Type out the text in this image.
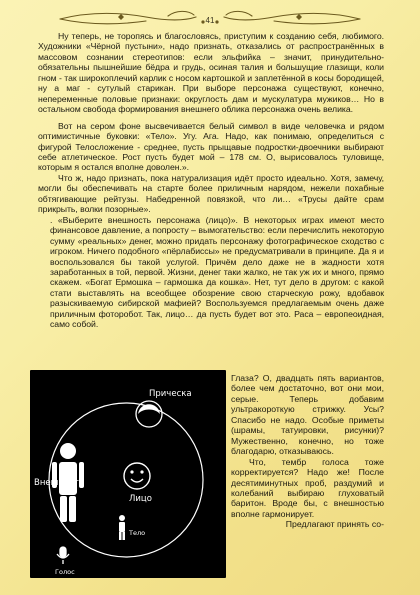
41

Ну теперь, не торопясь и благословясь, приступим к созданию себя, любимого. Художники «Чёрной пустыни», надо признать, отказались от распространённых в массовом сознании стереотипов: если эльфийка – значит, принудительно-обязательны пышнейшие бёдра и грудь, осиная талия и большущие глазищи, коли гном - так широкоплечий карлик с носом картошкой и заплетённой в косы бородищей, ну а маг - сутулый старикан. При выборе персонажа существуют, конечно, непеременные половые признаки: округлость дам и мускулатура мужиков… Но в остальном свобода формирования внешнего облика персонажа очень велика.

Вот на сером фоне высвечивается белый символ в виде человечка и рядом оптимистичные буковки: «Тело». Угу. Ага. Надо, как понимаю, определиться с фигурой Телосложение - среднее, пусть прыщавые подростки-двоечники выбирают себе атлетическое. Рост пусть будет мой – 178 см. О, вырисовалось туловище, которым я остался вполне доволен.».

Что ж, надо признать, пока натурализация идёт просто идеально. Хотя, замечу, могли бы обеспечивать на старте более приличным нарядом, нежели похабные обтягивающие рейтузы. Набедренной повязкой, что ли… «Трусы дайте срам прикрыть, волки позорные».

. «Выберите внешность персонажа (лицо)». В некоторых играх имеют место финансовое давление, а попросту – вымогательство: если перечислить некоторую сумму «реальных» денег, можно придать персонажу фотографическое сходство с игроком. Ничего подобного «пёрлабиссы» не предусматривали в принципе. Да я и воспользовался бы такой услугой. Причём дело даже не в жадности хотя заработанных в той, первой. Жизни, денег таки жалко, не так уж их и много, прямо скажем. «Богат Ермошка – гармошка да кошка». Нет, тут дело в другом: с какой стати выставлять на всеобщее обозрение свою старческую рожу, вдобавок разыскиваемую сибирской мафией? Воспользуемся предлагаемым очень даже приличным фоторобот. Так, лицо… да пусть будет вот это. Раса – европеоидная, само собой.

Прическа
Лицо
Внешность
Тело
Голос

Глаза? О, двадцать пять вариантов, более чем достаточно, вот они мои, серые. Теперь добавим ультракороткую стрижку. Усы? Спасибо не надо. Особые приметы (шрамы, татуировки, рисунки)? Мужественно, конечно, но тоже благодарю, отказываюсь.

Что, тембр голоса тоже корректируется? Надо же! После десятиминутных проб, раздумий и колебаний выбираю глуховатый баритон. Вроде бы, с внешностью вполне гармонирует.

Предлагают принять со-
